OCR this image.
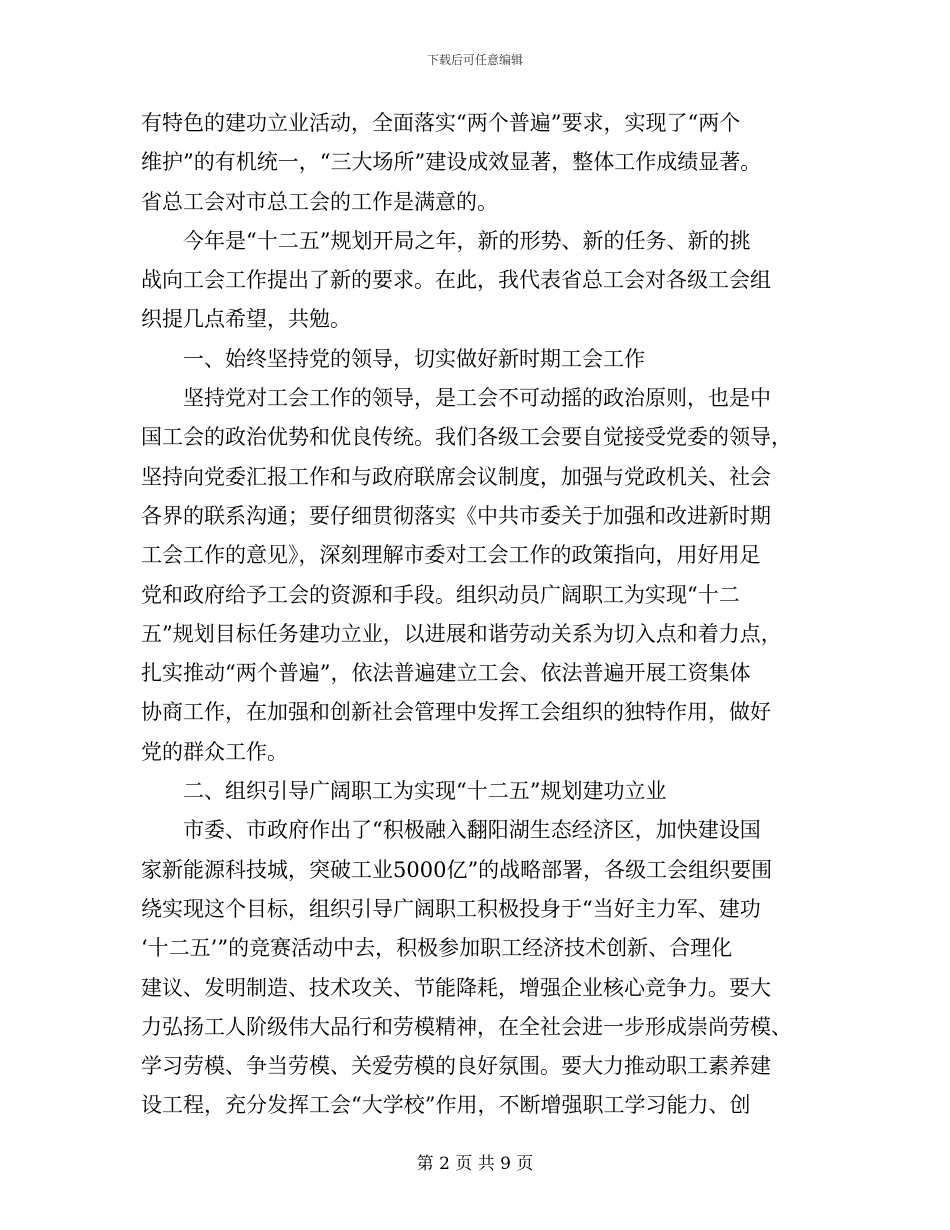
下载后可任意编辑
有特色的建功立业活动，全面落实“两个普遍”要求，实现了“两个
维护”的有机统一，“三大场所”建设成效显著，整体工作成绩显著。
省总工会对市总工会的工作是满意的。
　　今年是“十二五”规划开局之年，新的形势、新的任务、新的挑
战向工会工作提出了新的要求。在此，我代表省总工会对各级工会组
织提几点希望，共勉。
　　一、始终坚持党的领导，切实做好新时期工会工作
　　坚持党对工会工作的领导，是工会不可动摇的政治原则，也是中
国工会的政治优势和优良传统。我们各级工会要自觉接受党委的领导，
坚持向党委汇报工作和与政府联席会议制度，加强与党政机关、社会
各界的联系沟通；要仔细贯彻落实《中共市委关于加强和改进新时期
工会工作的意见》，深刻理解市委对工会工作的政策指向，用好用足
党和政府给予工会的资源和手段。组织动员广阔职工为实现“十二
五”规划目标任务建功立业，以进展和谐劳动关系为切入点和着力点，
扎实推动“两个普遍”，依法普遍建立工会、依法普遍开展工资集体
协商工作，在加强和创新社会管理中发挥工会组织的独特作用，做好
党的群众工作。
　　二、组织引导广阔职工为实现“十二五”规划建功立业
　　市委、市政府作出了“积极融入翻阳湖生态经济区，加快建设国
家新能源科技城，突破工业5000亿”的战略部署，各级工会组织要围
绕实现这个目标，组织引导广阔职工积极投身于“当好主力军、建功
‘十二五’”的竞赛活动中去，积极参加职工经济技术创新、合理化
建议、发明制造、技术攻关、节能降耗，增强企业核心竞争力。要大
力弘扬工人阶级伟大品行和劳模精神，在全社会进一步形成崇尚劳模、
学习劳模、争当劳模、关爱劳模的良好氛围。要大力推动职工素养建
设工程，充分发挥工会“大学校”作用，不断增强职工学习能力、创
第 2 页 共 9 页
